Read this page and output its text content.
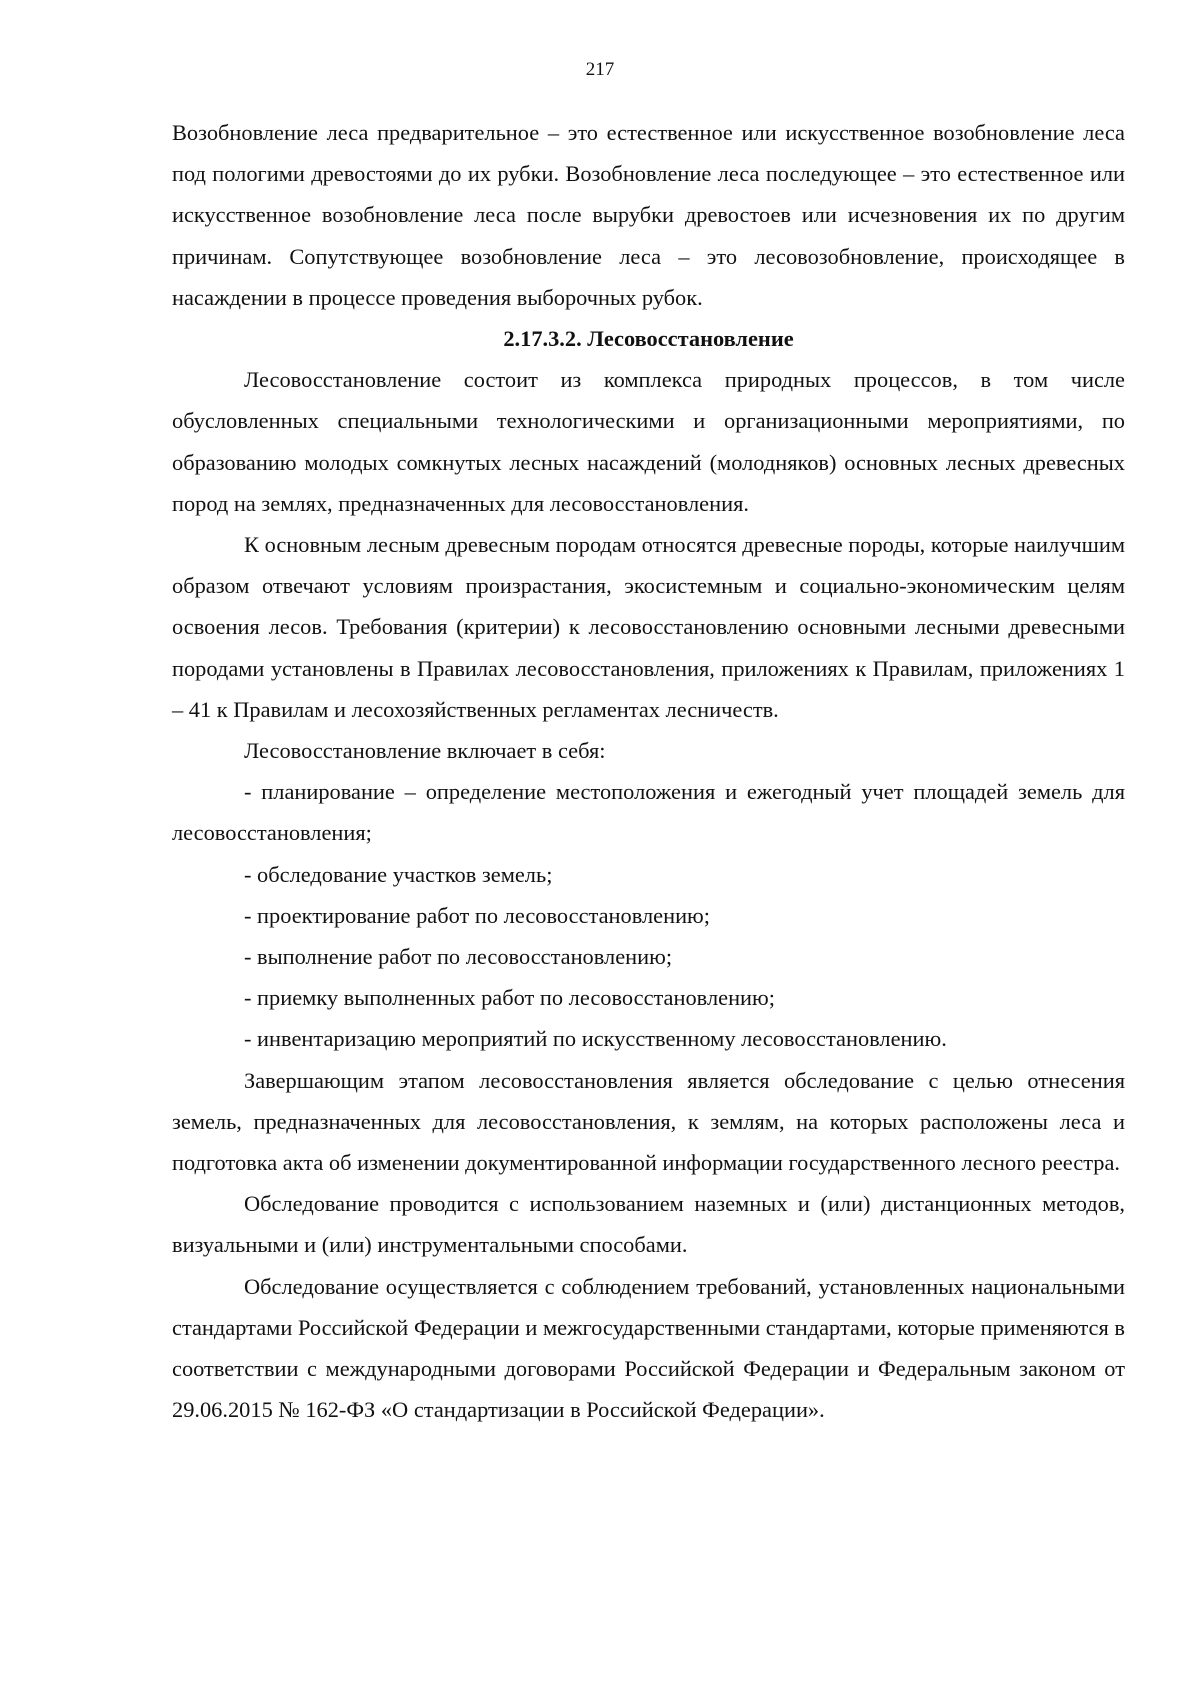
217

Возобновление леса предварительное – это естественное или искусственное возобновление леса под пологими древостоями до их рубки. Возобновление леса последующее – это естественное или искусственное возобновление леса после вырубки древостоев или исчезновения их по другим причинам. Сопутствующее возобновление леса – это лесовозобновление, происходящее в насаждении в процессе проведения выборочных рубок.

2.17.3.2. Лесовосстановление

Лесовосстановление состоит из комплекса природных процессов, в том числе обусловленных специальными технологическими и организационными мероприятиями, по образованию молодых сомкнутых лесных насаждений (молодняков) основных лесных древесных пород на землях, предназначенных для лесовосстановления.

К основным лесным древесным породам относятся древесные породы, которые наилучшим образом отвечают условиям произрастания, экосистемным и социально-экономическим целям освоения лесов. Требования (критерии) к лесовосстановлению основными лесными древесными породами установлены в Правилах лесовосстановления, приложениях к Правилам, приложениях 1 – 41 к Правилам и лесохозяйственных регламентах лесничеств.

Лесовосстановление включает в себя:

- планирование – определение местоположения и ежегодный учет площадей земель для лесовосстановления;

- обследование участков земель;

- проектирование работ по лесовосстановлению;

- выполнение работ по лесовосстановлению;

- приемку выполненных работ по лесовосстановлению;

- инвентаризацию мероприятий по искусственному лесовосстановлению.

Завершающим этапом лесовосстановления является обследование с целью отнесения земель, предназначенных для лесовосстановления, к землям, на которых расположены леса и подготовка акта об изменении документированной информации государственного лесного реестра.

Обследование проводится с использованием наземных и (или) дистанционных методов, визуальными и (или) инструментальными способами.

Обследование осуществляется с соблюдением требований, установленных национальными стандартами Российской Федерации и межгосударственными стандартами, которые применяются в соответствии с международными договорами Российской Федерации и Федеральным законом от 29.06.2015 № 162-ФЗ «О стандартизации в Российской Федерации».
